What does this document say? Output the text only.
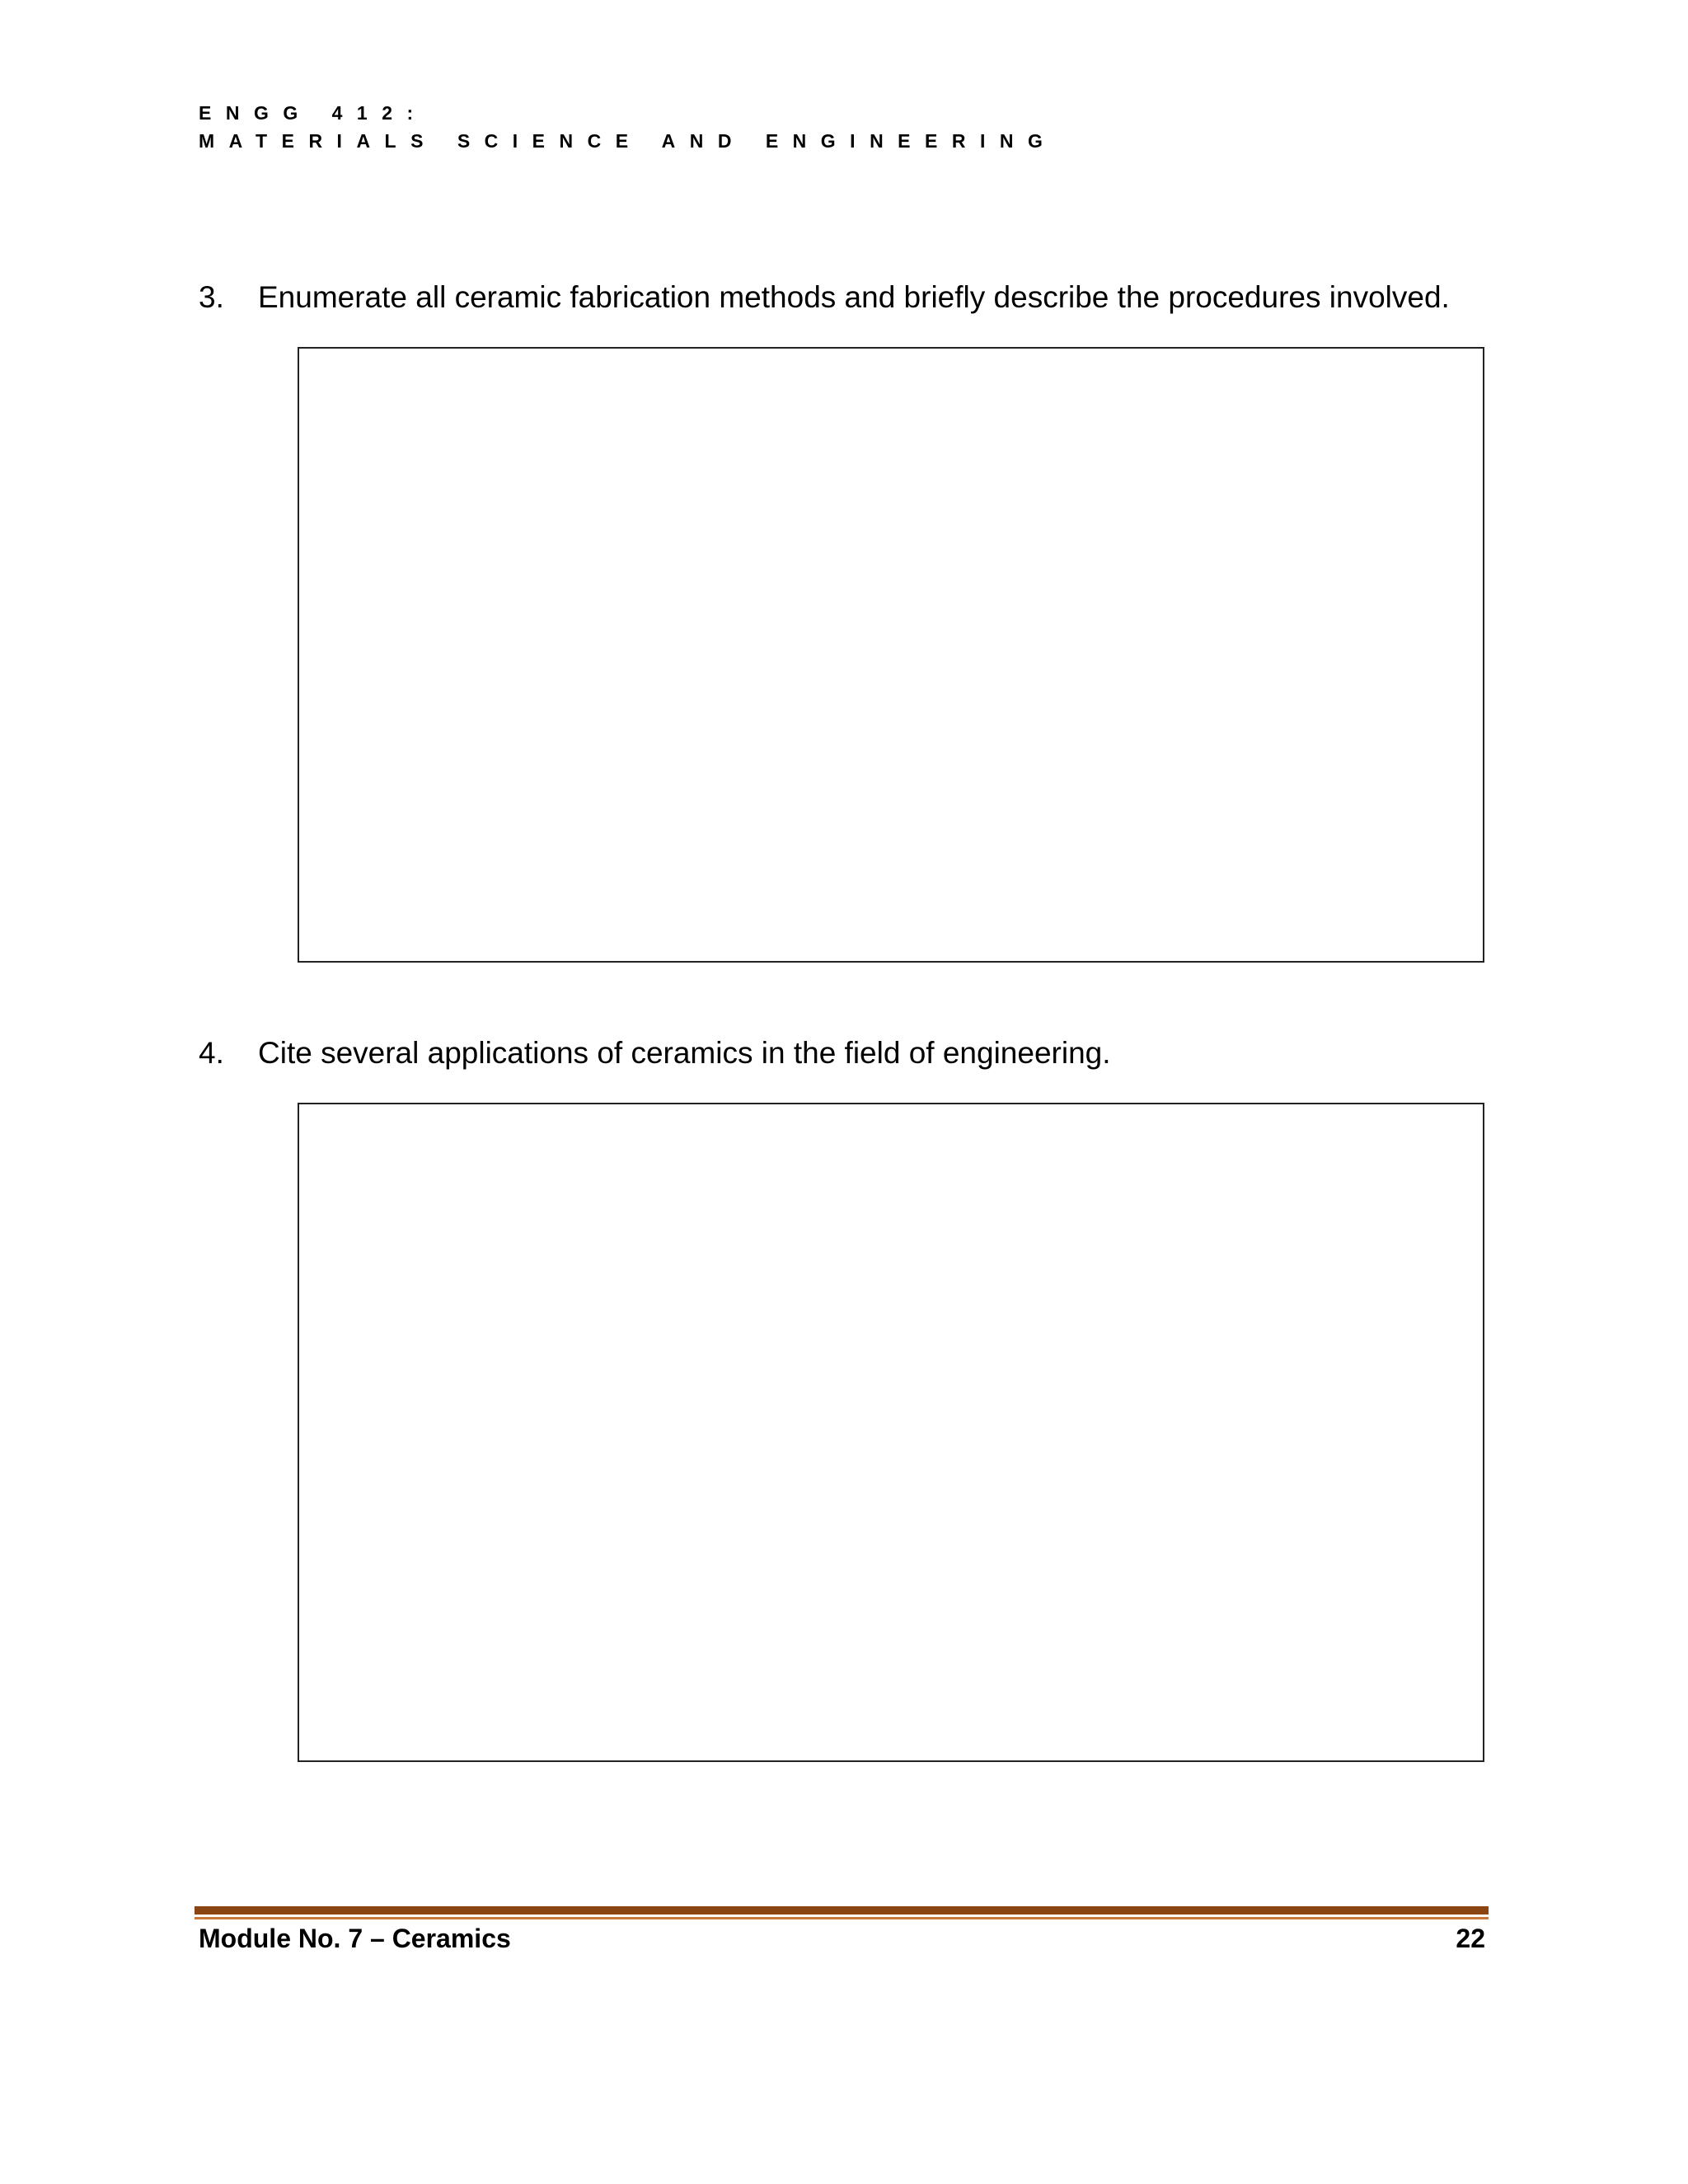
ENGG 412:
MATERIALS SCIENCE AND ENGINEERING
3. Enumerate all ceramic fabrication methods and briefly describe the procedures involved.
4. Cite several applications of ceramics in the field of engineering.
Module No. 7 – Ceramics	22
